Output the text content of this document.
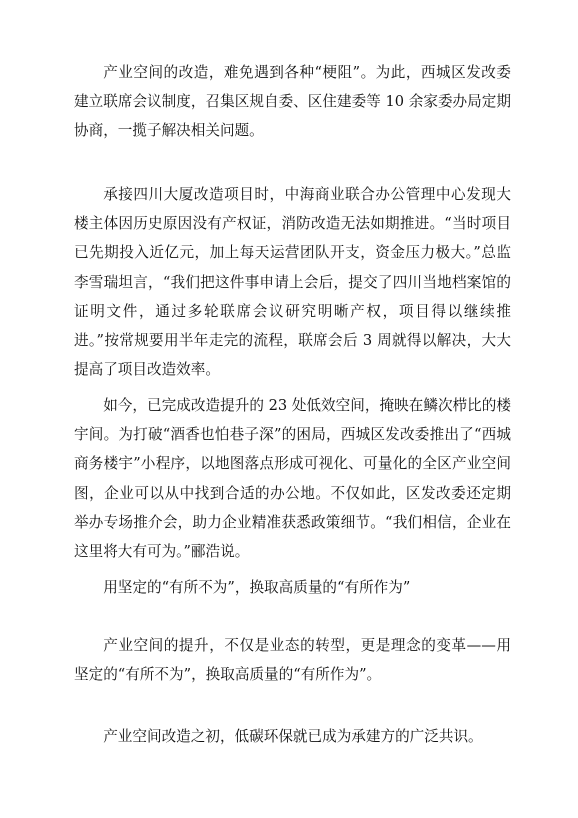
产业空间的改造，难免遇到各种“梗阻”。为此，西城区发改委建立联席会议制度，召集区规自委、区住建委等 10 余家委办局定期协商，一揽子解决相关问题。

承接四川大厦改造项目时，中海商业联合办公管理中心发现大楼主体因历史原因没有产权证，消防改造无法如期推进。“当时项目已先期投入近亿元，加上每天运营团队开支，资金压力极大。”总监李雪瑞坦言，“我们把这件事申请上会后，提交了四川当地档案馆的证明文件，通过多轮联席会议研究明晰产权，项目得以继续推进。”按常规要用半年走完的流程，联席会后 3 周就得以解决，大大提高了项目改造效率。

如今，已完成改造提升的 23 处低效空间，掩映在鳞次栉比的楼宇间。为打破“酒香也怕巷子深”的困局，西城区发改委推出了“西城商务楼宇”小程序，以地图落点形成可视化、可量化的全区产业空间图，企业可以从中找到合适的办公地。不仅如此，区发改委还定期举办专场推介会，助力企业精准获悉政策细节。“我们相信，企业在这里将大有可为。”郦浩说。

用坚定的“有所不为”，换取高质量的“有所作为”

产业空间的提升，不仅是业态的转型，更是理念的变革——用坚定的“有所不为”，换取高质量的“有所作为”。

产业空间改造之初，低碳环保就已成为承建方的广泛共识。
